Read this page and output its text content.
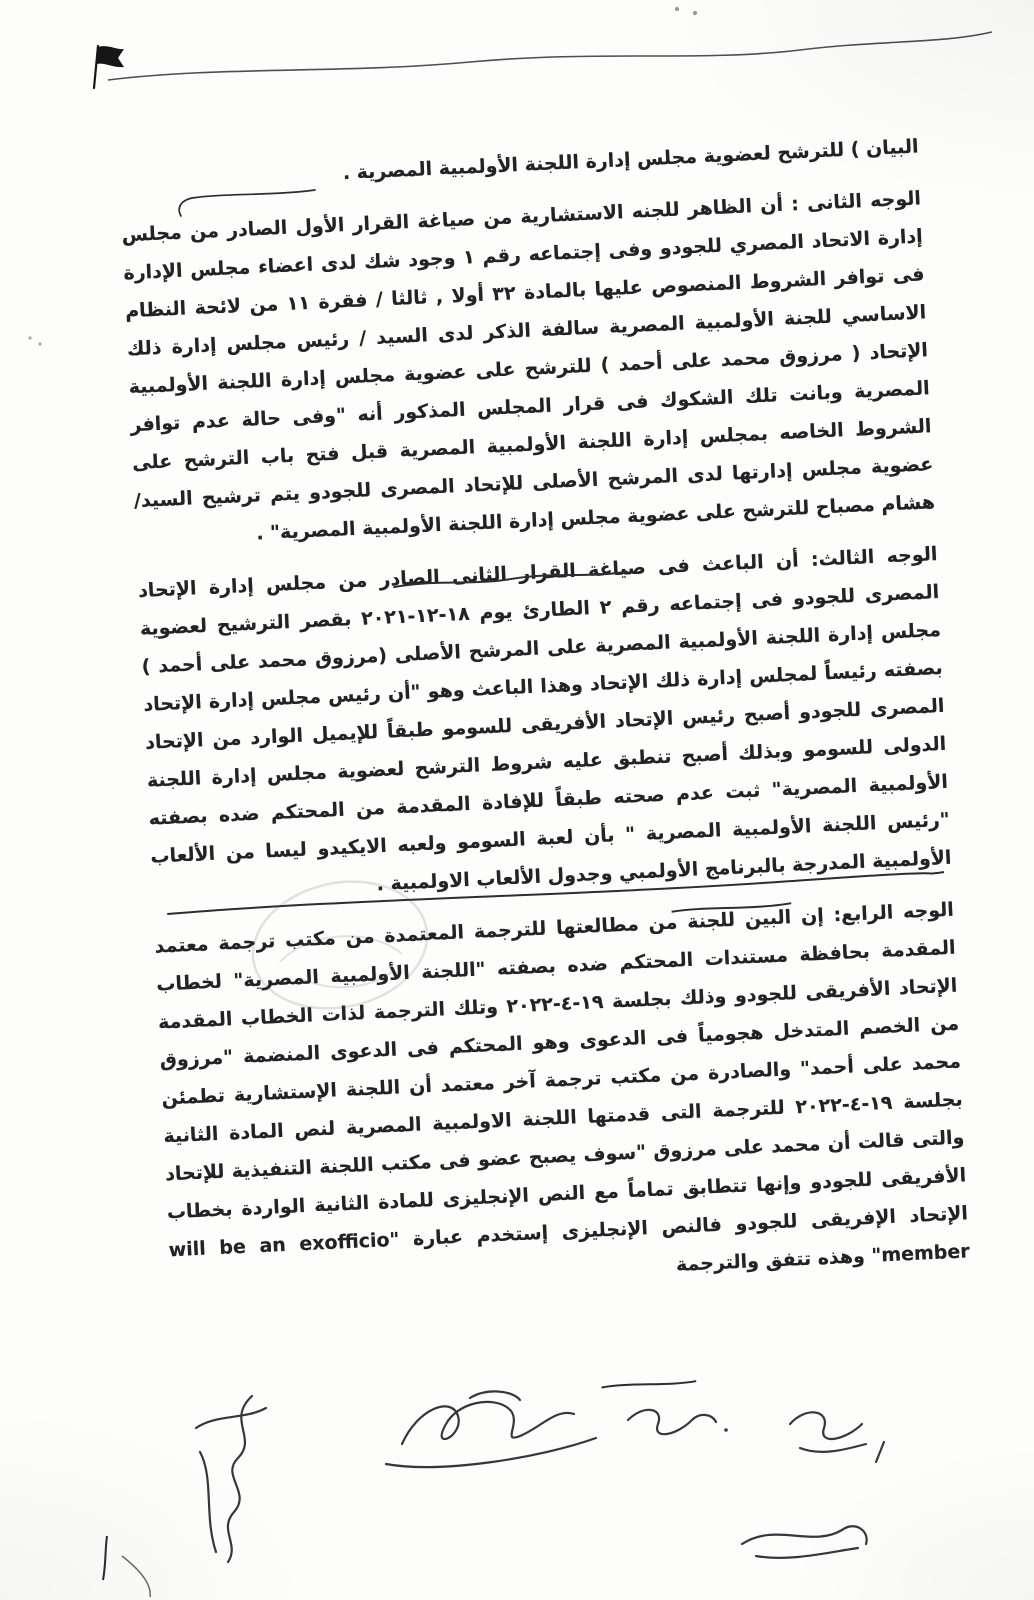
البيان ) للترشح لعضوية مجلس إدارة اللجنة الأولمبية المصرية .

الوجه الثانى : أن الظاهر للجنه الاستشارية من صياغة القرار الأول الصادر من مجلس إدارة الاتحاد المصري للجودو وفى إجتماعه رقم ١ وجود شك لدى اعضاء مجلس الإدارة فى توافر الشروط المنصوص عليها بالمادة ٣٢ أولا , ثالثا / فقرة ١١ من لائحة النظام الاساسي للجنة الأولمبية المصرية سالفة الذكر لدى السيد / رئيس مجلس إدارة ذلك الإتحاد ( مرزوق محمد على أحمد ) للترشح على عضوية مجلس إدارة اللجنة الأولمبية المصرية وبانت تلك الشكوك فى قرار المجلس المذكور أنه "وفى حالة عدم توافر الشروط الخاصه بمجلس إدارة اللجنة الأولمبية المصرية قبل فتح باب الترشح على عضوية مجلس إدارتها لدى المرشح الأصلى للإتحاد المصرى للجودو يتم ترشيح السيد/ هشام مصباح للترشح على عضوية مجلس إدارة اللجنة الأولمبية المصرية" .

الوجه الثالث: أن الباعث فى صياغة القرار الثانى الصادر من مجلس إدارة الإتحاد المصرى للجودو فى إجتماعه رقم ٢ الطارئ يوم ١٨-١٢-٢٠٢١ بقصر الترشيح لعضوية مجلس إدارة اللجنة الأولمبية المصرية على المرشح الأصلى (مرزوق محمد على أحمد ) بصفته رئيساً لمجلس إدارة ذلك الإتحاد وهذا الباعث وهو "أن رئيس مجلس إدارة الإتحاد المصرى للجودو أصبح رئيس الإتحاد الأفريقى للسومو طبقاً للإيميل الوارد من الإتحاد الدولى للسومو وبذلك أصبح تنطبق عليه شروط الترشح لعضوية مجلس إدارة اللجنة الأولمبية المصرية" ثبت عدم صحته طبقاً للإفادة المقدمة من المحتكم ضده بصفته "رئيس اللجنة الأولمبية المصرية " بأن لعبة السومو ولعبه الايكيدو ليسا من الألعاب الأولمبية المدرجة بالبرنامج الأولمبي وجدول الألعاب الاولمبية .

الوجه الرابع: إن البين للجنة من مطالعتها للترجمة المعتمدة من مكتب ترجمة معتمد المقدمة بحافظة مستندات المحتكم ضده بصفته "اللجنة الأولمبية المصرية" لخطاب الإتحاد الأفريقى للجودو وذلك بجلسة ١٩-٤-٢٠٢٢ وتلك الترجمة لذات الخطاب المقدمة من الخصم المتدخل هجومياً فى الدعوى وهو المحتكم فى الدعوى المنضمة "مرزوق محمد على أحمد" والصادرة من مكتب ترجمة آخر معتمد أن اللجنة الإستشارية تطمئن بجلسة ١٩-٤-٢٠٢٢ للترجمة التى قدمتها اللجنة الاولمبية المصرية لنص المادة الثانية والتى قالت أن محمد على مرزوق "سوف يصبح عضو فى مكتب اللجنة التنفيذية للإتحاد الأفريقى للجودو وإنها تتطابق تماماً مع النص الإنجليزى للمادة الثانية الواردة بخطاب الإتحاد الإفريقى للجودو فالنص الإنجليزى إستخدم عبارة "will be an exofficio member" وهذه تتفق والترجمة
